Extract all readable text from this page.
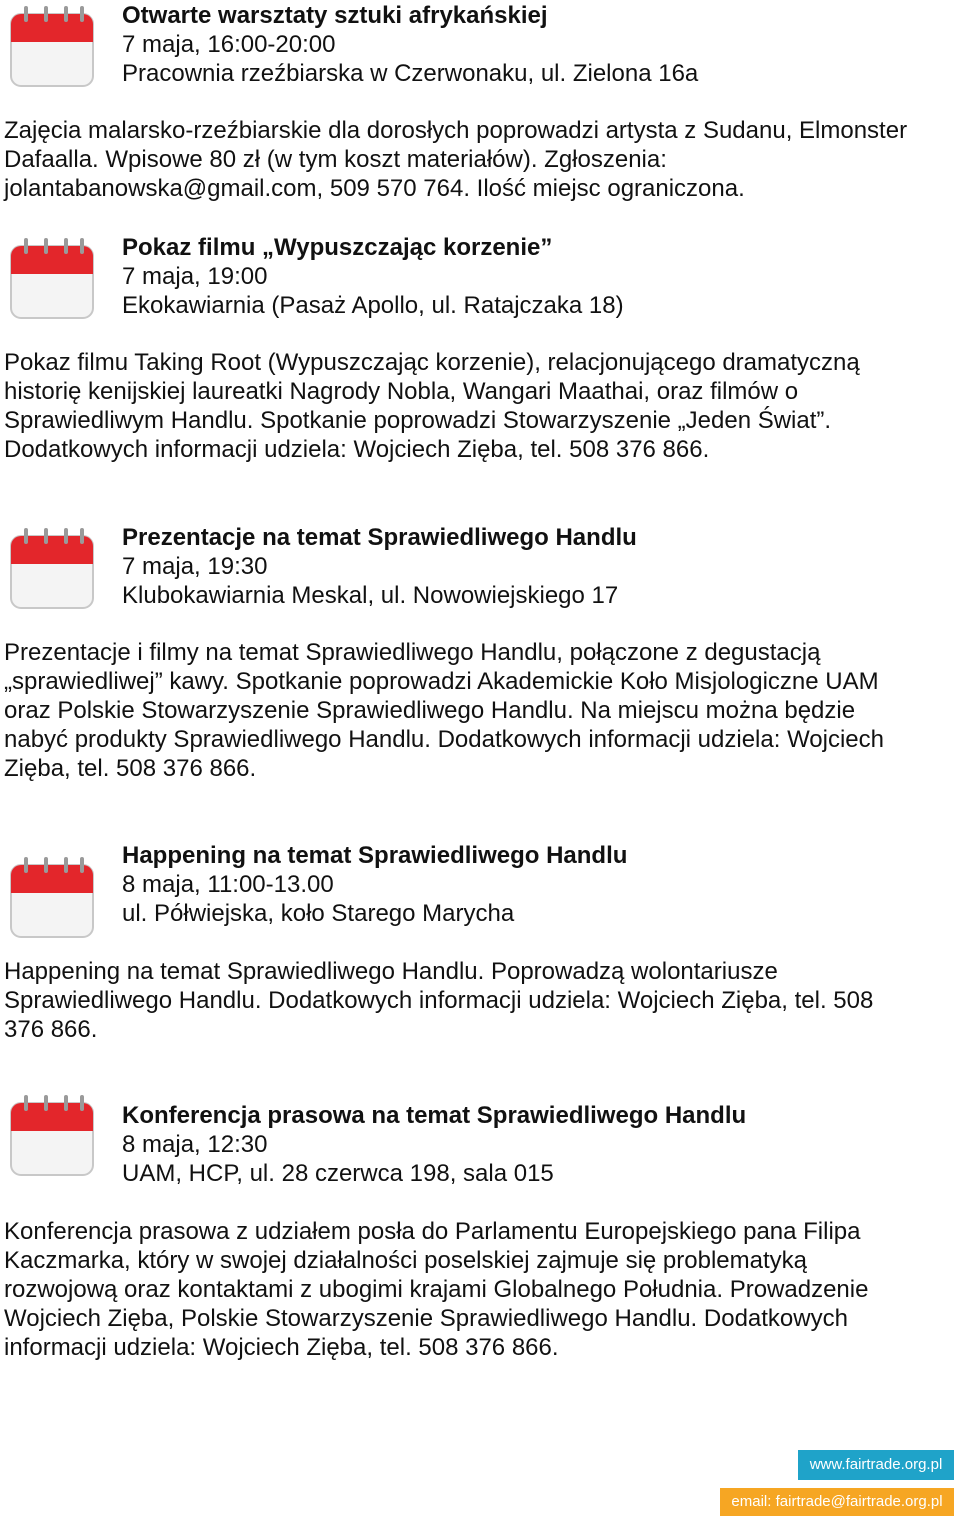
Otwarte warsztaty sztuki afrykańskiej
7 maja, 16:00-20:00
Pracownia rzeźbiarska w Czerwonaku, ul. Zielona 16a

Zajęcia malarsko-rzeźbiarskie dla dorosłych poprowadzi artysta z Sudanu, Elmonster
Dafaalla. Wpisowe 80 zł (w tym koszt materiałów). Zgłoszenia:
jolantabanowska@gmail.com, 509 570 764. Ilość miejsc ograniczona.

Pokaz filmu „Wypuszczając korzenie”
7 maja, 19:00
Ekokawiarnia (Pasaż Apollo, ul. Ratajczaka 18)

Pokaz filmu Taking Root (Wypuszczając korzenie), relacjonującego dramatyczną
historię kenijskiej laureatki Nagrody Nobla, Wangari Maathai, oraz filmów o
Sprawiedliwym Handlu. Spotkanie poprowadzi Stowarzyszenie „Jeden Świat”.
Dodatkowych informacji udziela: Wojciech Zięba, tel. 508 376 866.

Prezentacje na temat Sprawiedliwego Handlu
7 maja, 19:30
Klubokawiarnia Meskal, ul. Nowowiejskiego 17

Prezentacje i filmy na temat Sprawiedliwego Handlu, połączone z degustacją
„sprawiedliwej” kawy. Spotkanie poprowadzi Akademickie Koło Misjologiczne UAM
oraz Polskie Stowarzyszenie Sprawiedliwego Handlu. Na miejscu można będzie
nabyć produkty Sprawiedliwego Handlu. Dodatkowych informacji udziela: Wojciech
Zięba, tel. 508 376 866.

Happening na temat Sprawiedliwego Handlu
8 maja, 11:00-13.00
ul. Półwiejska, koło Starego Marycha

Happening na temat Sprawiedliwego Handlu. Poprowadzą wolontariusze
Sprawiedliwego Handlu. Dodatkowych informacji udziela: Wojciech Zięba, tel. 508
376 866.

Konferencja prasowa na temat Sprawiedliwego Handlu
8 maja, 12:30
UAM, HCP, ul. 28 czerwca 198, sala 015

Konferencja prasowa z udziałem posła do Parlamentu Europejskiego pana Filipa
Kaczmarka, który w swojej działalności poselskiej zajmuje się problematyką
rozwojową oraz kontaktami z ubogimi krajami Globalnego Południa. Prowadzenie
Wojciech Zięba, Polskie Stowarzyszenie Sprawiedliwego Handlu. Dodatkowych
informacji udziela: Wojciech Zięba, tel. 508 376 866.

www.fairtrade.org.pl
email: fairtrade@fairtrade.org.pl
